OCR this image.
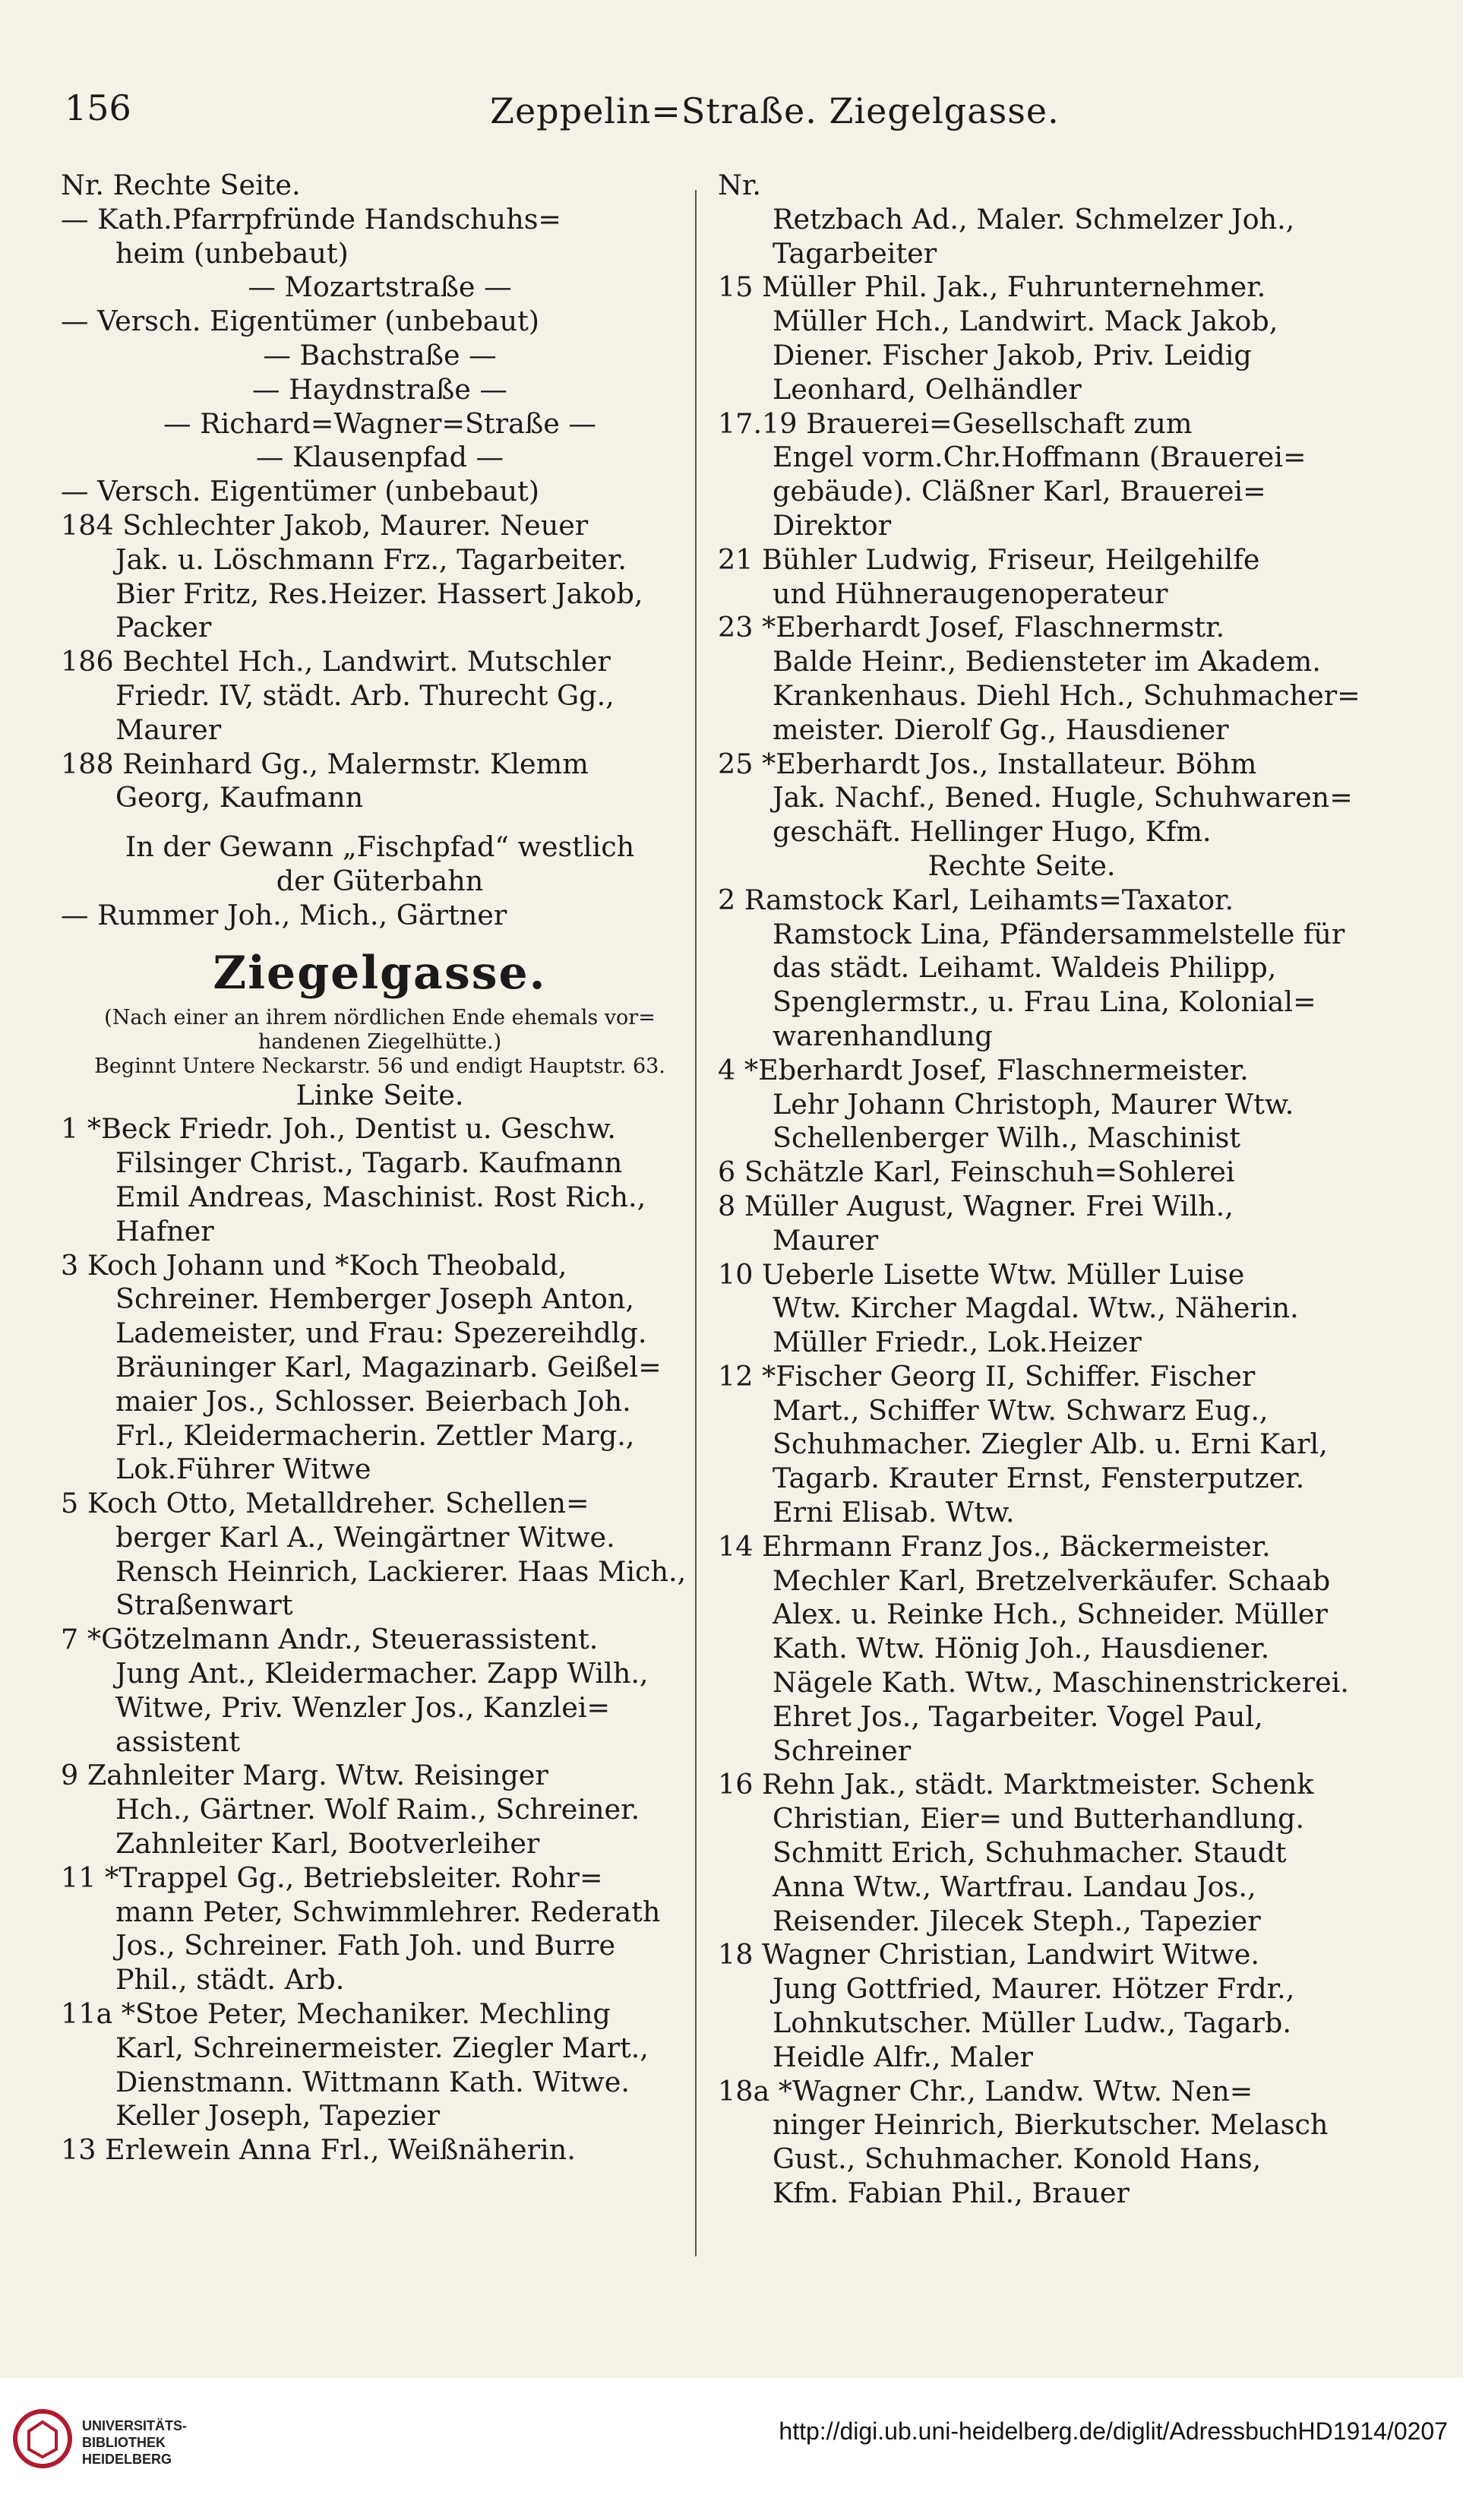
156	Zeppelin=Straße. Ziegelgasse.
Nr. Rechte Seite.
— Kath.Pfarrpfründe Handschuhs=
heim (unbebaut)
— Mozartstraße —
— Versch. Eigentümer (unbebaut)
— Bachstraße —
— Haydnstraße —
— Richard=Wagner=Straße —
— Klausenpfad —
— Versch. Eigentümer (unbebaut)
184 Schlechter Jakob, Maurer. Neuer
Jak. u. Löschmann Frz., Tagarbeiter.
Bier Fritz, Res.Heizer. Hassert Jakob,
Packer
186 Bechtel Hch., Landwirt. Mutschler
Friedr. IV, städt. Arb. Thurecht Gg.,
Maurer
188 Reinhard Gg., Malermstr. Klemm
Georg, Kaufmann
In der Gewann „Fischpfad“ westlich
der Güterbahn
— Rummer Joh., Mich., Gärtner
Ziegelgasse.
(Nach einer an ihrem nördlichen Ende ehemals vor=
handenen Ziegelhütte.)
Beginnt Untere Neckarstr. 56 und endigt Hauptstr. 63.
Linke Seite.
1 *Beck Friedr. Joh., Dentist u. Geschw.
Filsinger Christ., Tagarb. Kaufmann
Emil Andreas, Maschinist. Rost Rich.,
Hafner
3 Koch Johann und *Koch Theobald,
Schreiner. Hemberger Joseph Anton,
Lademeister, und Frau: Spezereihdlg.
Bräuninger Karl, Magazinarb. Geißel=
maier Jos., Schlosser. Beierbach Joh.
Frl., Kleidermacherin. Zettler Marg.,
Lok.Führer Witwe
5 Koch Otto, Metalldreher. Schellen=
berger Karl A., Weingärtner Witwe.
Rensch Heinrich, Lackierer. Haas Mich.,
Straßenwart
7 *Götzelmann Andr., Steuerassistent.
Jung Ant., Kleidermacher. Zapp Wilh.,
Witwe, Priv. Wenzler Jos., Kanzlei=
assistent
9 Zahnleiter Marg. Wtw. Reisinger
Hch., Gärtner. Wolf Raim., Schreiner.
Zahnleiter Karl, Bootverleiher
11 *Trappel Gg., Betriebsleiter. Rohr=
mann Peter, Schwimmlehrer. Rederath
Jos., Schreiner. Fath Joh. und Burre
Phil., städt. Arb.
11a *Stoe Peter, Mechaniker. Mechling
Karl, Schreinermeister. Ziegler Mart.,
Dienstmann. Wittmann Kath. Witwe.
Keller Joseph, Tapezier
13 Erlewein Anna Frl., Weißnäherin.
Nr.
Retzbach Ad., Maler. Schmelzer Joh.,
Tagarbeiter
15 Müller Phil. Jak., Fuhrunternehmer.
Müller Hch., Landwirt. Mack Jakob,
Diener. Fischer Jakob, Priv. Leidig
Leonhard, Oelhändler
17.19 Brauerei=Gesellschaft zum
Engel vorm.Chr.Hoffmann (Brauerei=
gebäude). Cläßner Karl, Brauerei=
Direktor
21 Bühler Ludwig, Friseur, Heilgehilfe
und Hühneraugenoperateur
23 *Eberhardt Josef, Flaschnermstr.
Balde Heinr., Bediensteter im Akadem.
Krankenhaus. Diehl Hch., Schuhmacher=
meister. Dierolf Gg., Hausdiener
25 *Eberhardt Jos., Installateur. Böhm
Jak. Nachf., Bened. Hugle, Schuhwaren=
geschäft. Hellinger Hugo, Kfm.
Rechte Seite.
2 Ramstock Karl, Leihamts=Taxator.
Ramstock Lina, Pfändersammelstelle für
das städt. Leihamt. Waldeis Philipp,
Spenglermstr., u. Frau Lina, Kolonial=
warenhandlung
4 *Eberhardt Josef, Flaschnermeister.
Lehr Johann Christoph, Maurer Wtw.
Schellenberger Wilh., Maschinist
6 Schätzle Karl, Feinschuh=Sohlerei
8 Müller August, Wagner. Frei Wilh.,
Maurer
10 Ueberle Lisette Wtw. Müller Luise
Wtw. Kircher Magdal. Wtw., Näherin.
Müller Friedr., Lok.Heizer
12 *Fischer Georg II, Schiffer. Fischer
Mart., Schiffer Wtw. Schwarz Eug.,
Schuhmacher. Ziegler Alb. u. Erni Karl,
Tagarb. Krauter Ernst, Fensterputzer.
Erni Elisab. Wtw.
14 Ehrmann Franz Jos., Bäckermeister.
Mechler Karl, Bretzelverkäufer. Schaab
Alex. u. Reinke Hch., Schneider. Müller
Kath. Wtw. Hönig Joh., Hausdiener.
Nägele Kath. Wtw., Maschinenstrickerei.
Ehret Jos., Tagarbeiter. Vogel Paul,
Schreiner
16 Rehn Jak., städt. Marktmeister. Schenk
Christian, Eier= und Butterhandlung.
Schmitt Erich, Schuhmacher. Staudt
Anna Wtw., Wartfrau. Landau Jos.,
Reisender. Jilecek Steph., Tapezier
18 Wagner Christian, Landwirt Witwe.
Jung Gottfried, Maurer. Hötzer Frdr.,
Lohnkutscher. Müller Ludw., Tagarb.
Heidle Alfr., Maler
18a *Wagner Chr., Landw. Wtw. Nen=
ninger Heinrich, Bierkutscher. Melasch
Gust., Schuhmacher. Konold Hans,
Kfm. Fabian Phil., Brauer
UNIVERSITÄTS-
BIBLIOTHEK
HEIDELBERG
http://digi.ub.uni-heidelberg.de/diglit/AdressbuchHD1914/0207
